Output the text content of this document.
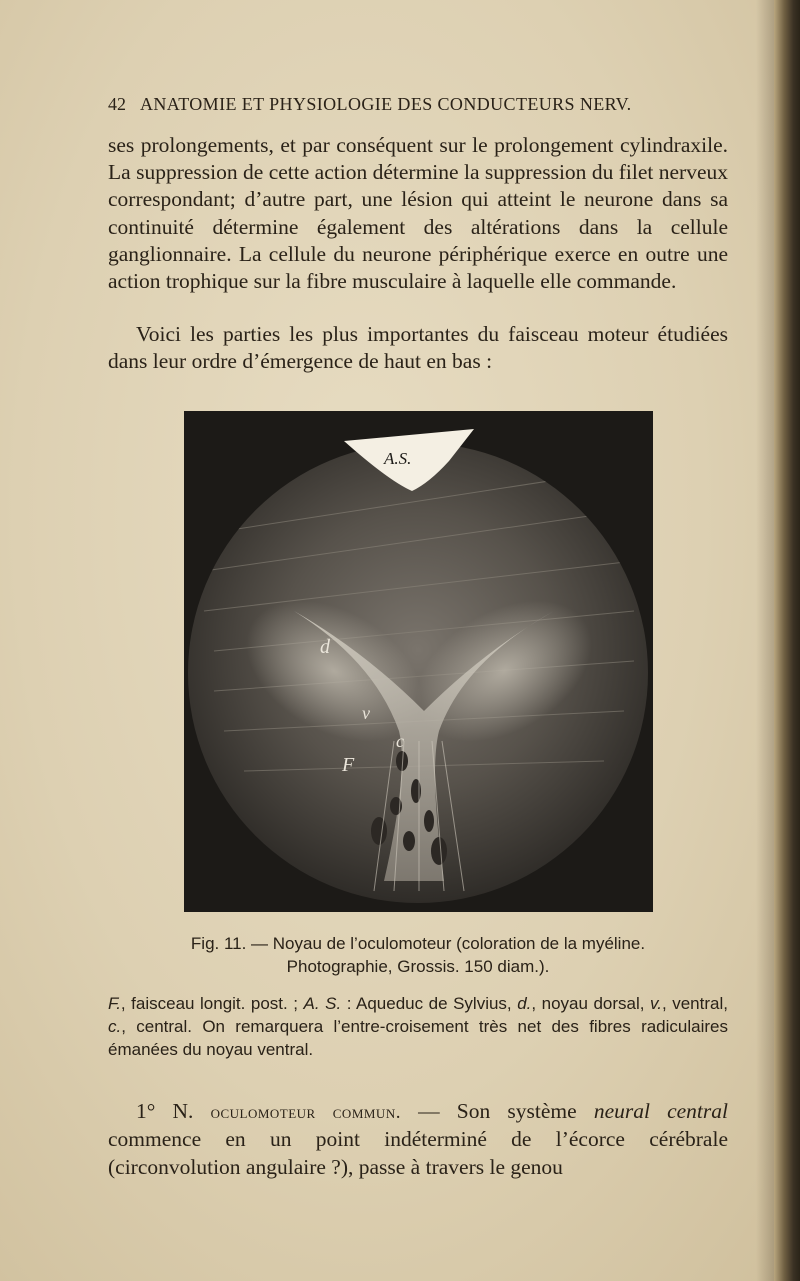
42 ANATOMIE ET PHYSIOLOGIE DES CONDUCTEURS NERV.

ses prolongements, et par conséquent sur le prolongement cylindraxile. La suppression de cette action détermine la suppression du filet nerveux correspondant; d’autre part, une lésion qui atteint le neurone dans sa continuité détermine également des altérations dans la cellule ganglionnaire. La cellule du neurone périphérique exerce en outre une action trophique sur la fibre musculaire à laquelle elle commande.

Voici les parties les plus importantes du faisceau moteur étudiées dans leur ordre d’émergence de haut en bas :

A.S.
d
v
c
F
Fig. 11. — Noyau de l’oculomoteur (coloration de la myéline.
Photographie, Grossis. 150 diam.).

F., faisceau longit. post. ; A. S. : Aqueduc de Sylvius, d., noyau dorsal, v., ventral, c., central. On remarquera l’entre-croisement très net des fibres radiculaires émanées du noyau ventral.

1° N. oculomoteur commun. — Son système neural central commence en un point indéterminé de l’écorce cérébrale (circonvolution angulaire ?), passe à travers le genou
